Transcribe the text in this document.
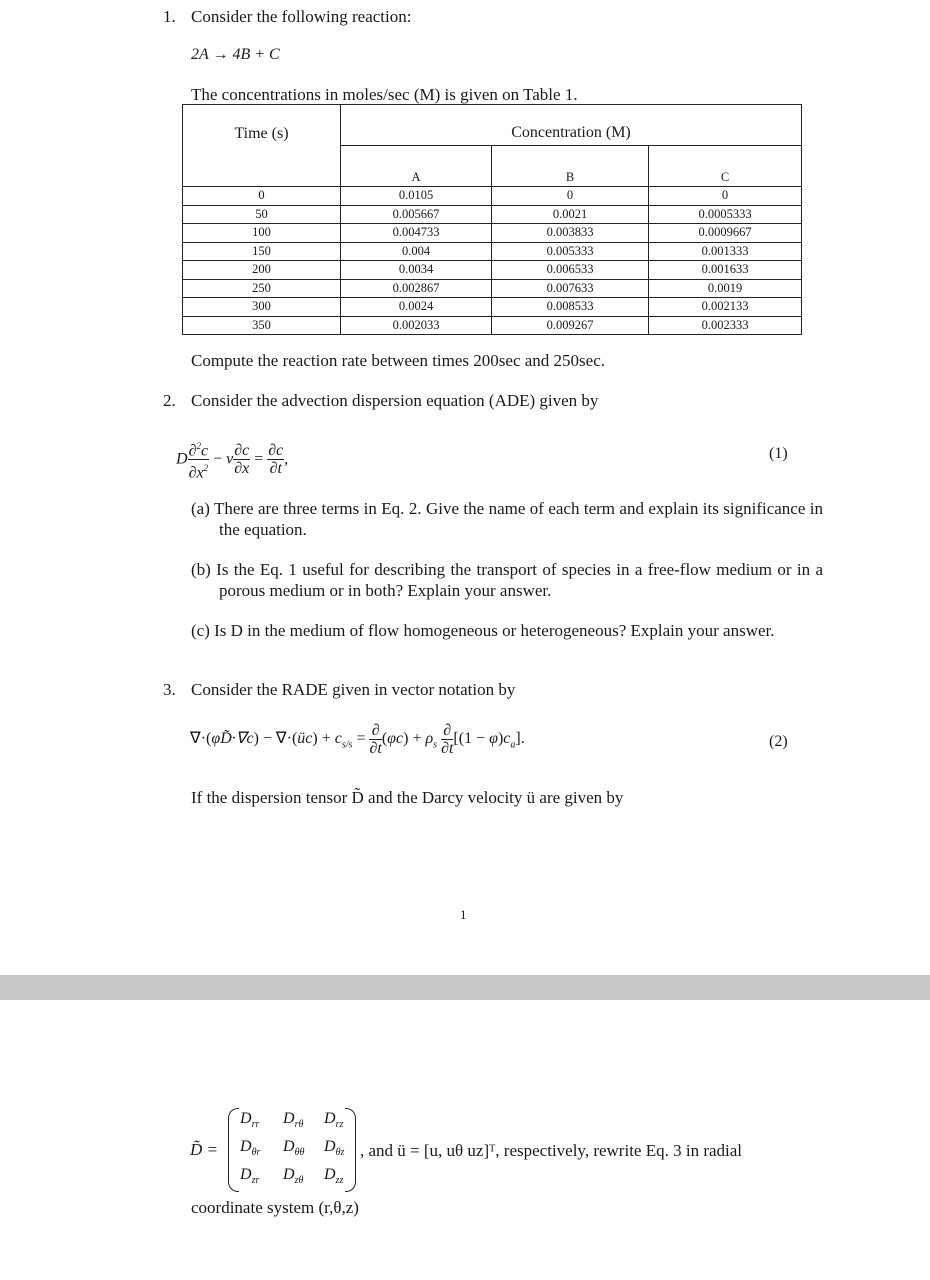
1. Consider the following reaction:
2A → 4B + C
The concentrations in moles/sec (M) is given on Table 1.
Time (s)	Concentration (M)		
	A	B	C
0	0.0105	0	0
50	0.005667	0.0021	0.0005333
100	0.004733	0.003833	0.0009667
150	0.004	0.005333	0.001333
200	0.0034	0.006533	0.001633
250	0.002867	0.007633	0.0019
300	0.0024	0.008533	0.002133
350	0.002033	0.009267	0.002333
Compute the reaction rate between times 200sec and 250sec.
2. Consider the advection dispersion equation (ADE) given by
D $\frac{\partial^2c}{\partial x^2} - v \frac{\partial c}{\partial x} = \frac{\partial c}{\partial t}$ ,	(1)
(a) There are three terms in Eq. 2. Give the name of each term and explain its significance in the equation.
(b) Is the Eq. 1 useful for describing the transport of species in a free-flow medium or in a porous medium or in both? Explain your answer.
(c) Is D in the medium of flow homogeneous or heterogeneous? Explain your answer.
3. Consider the RADE given in vector notation by
∇·(φD̃·∇c) − ∇·(üc) + $c_{s/s} = \frac{\partial}{\partial t} (\varphi c) + \rho_s \frac{\partial}{\partial t} [(1 - \varphi)c_a]$.	(2)
If the dispersion tensor D̃ and the Darcy velocity ü are given by
1
D̃ =
$D_{rr}$ $D_{r\theta}$ $D_{rz}$
$D_{\theta r}$ $D_{\theta\theta}$ $D_{\theta z}$
$D_{zr}$ $D_{z\theta}$ $D_{zz}$
, and ü = [u, uθ uz]ᵀ, respectively, rewrite Eq. 3 in radial
coordinate system (r,θ,z)
